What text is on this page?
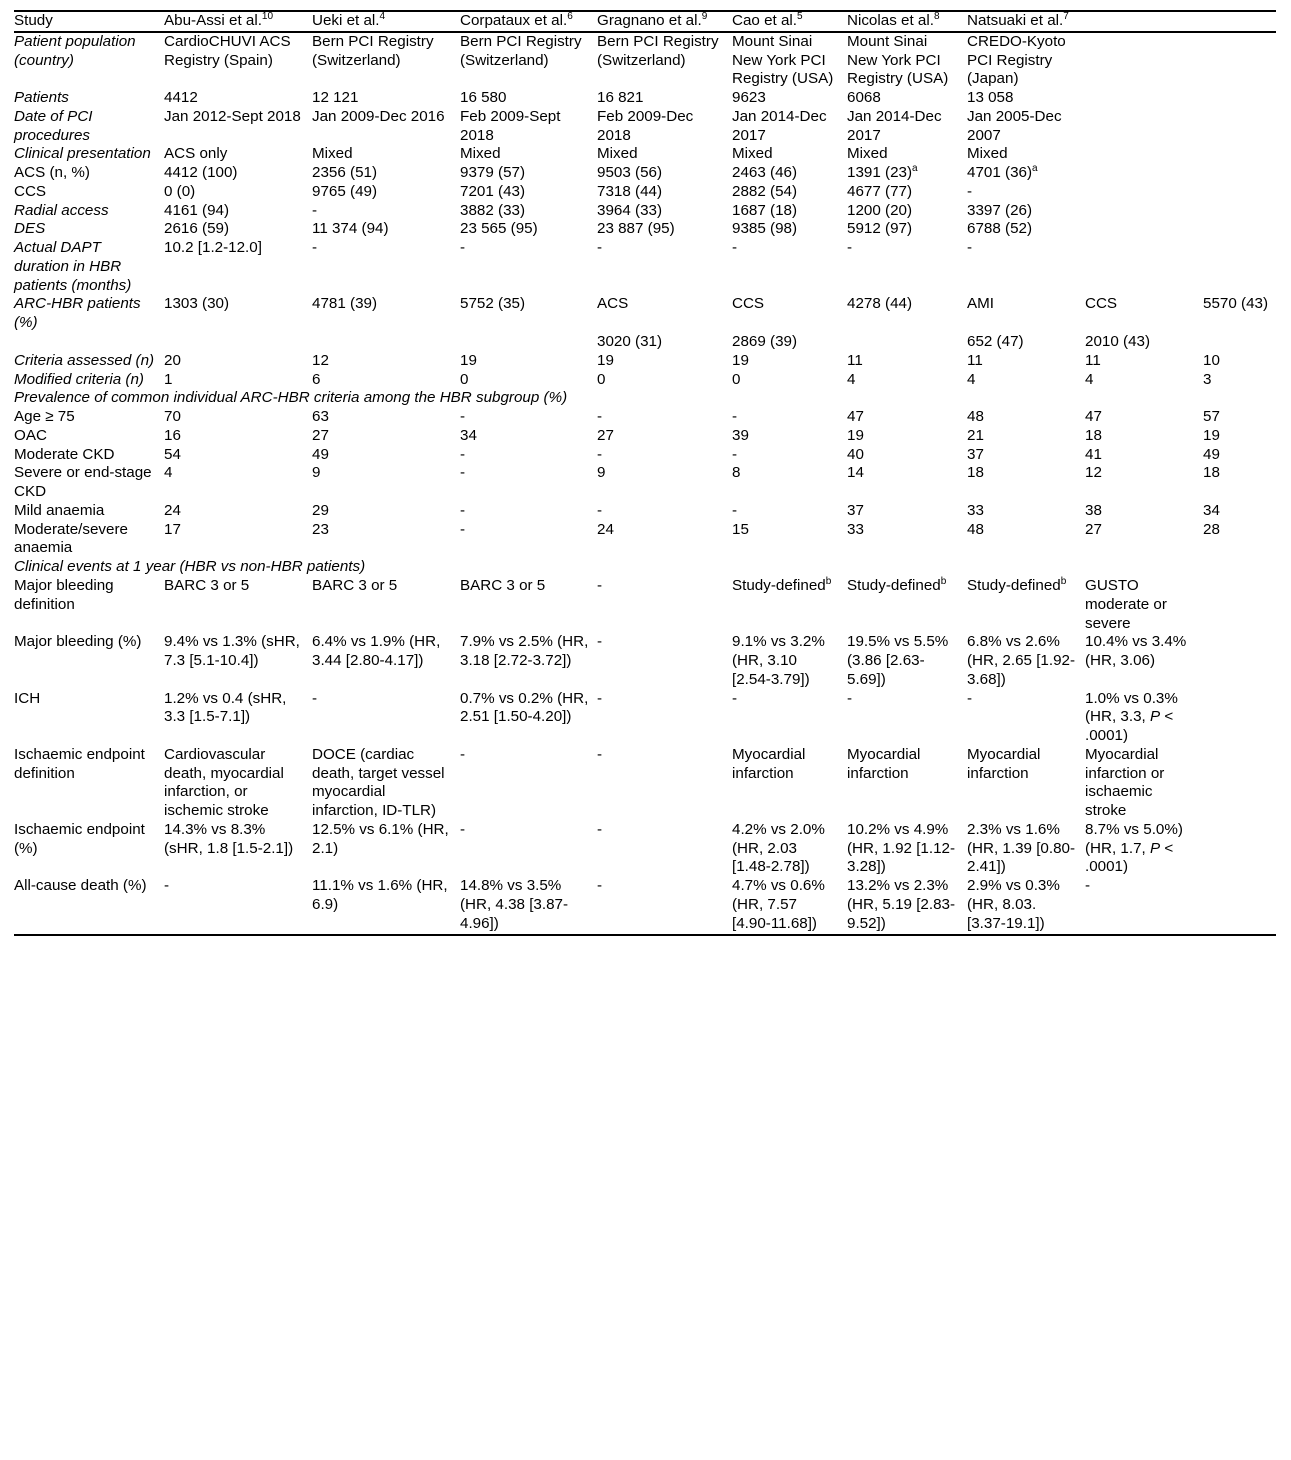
Study	Abu-Assi et al.$^{10}$	Ueki et al.$^4$	Corpataux et al.$^6$	Gragnano et al.$^9$	Cao et al.$^5$	Nicolas et al.$^8$	Natsuaki et al.$^7$		
Patient population (country)	CardioCHUVI ACS Registry (Spain)	Bern PCI Registry (Switzerland)	Bern PCI Registry (Switzerland)	Bern PCI Registry (Switzerland)	Mount Sinai New York PCI Registry (USA)	Mount Sinai New York PCI Registry (USA)	CREDO-Kyoto PCI Registry (Japan)		
Patients	4412	12 121	16 580	16 821	9623	6068	13 058		
Date of PCI procedures	Jan 2012-Sept 2018	Jan 2009-Dec 2016	Feb 2009-Sept 2018	Feb 2009-Dec 2018	Jan 2014-Dec 2017	Jan 2014-Dec 2017	Jan 2005-Dec 2007		
Clinical presentation	ACS only	Mixed	Mixed	Mixed	Mixed	Mixed	Mixed		
ACS (n, %)	4412 (100)	2356 (51)	9379 (57)	9503 (56)	2463 (46)	1391 $(23)^a$	4701 $(36)^a$		
CCS	0 (0)	9765 (49)	7201 (43)	7318 (44)	2882 (54)	4677 (77)	-		
Radial access	4161 (94)	-	3882 (33)	3964 (33)	1687 (18)	1200 (20)	3397 (26)		
DES	2616 (59)	11 374 (94)	23 565 (95)	23 887 (95)	9385 (98)	5912 (97)	6788 (52)		
Actual DAPT duration in HBR patients (months)	10.2 [1.2-12.0]	-	-	-	-	-	-		
ARC-HBR patients (%)	1303 (30)	4781 (39)	5752 (35)	ACS	CCS	4278 (44)	AMI	CCS	5570 (43)
				3020 (31)	2869 (39)		652 (47)	2010 (43)	
Criteria assessed (n)	20	12	19	19	19	11	11	11	10
Modified criteria (n)	1	6	0	0	0	4	4	4	3
Prevalence of common individual ARC-HBR criteria among the HBR subgroup (%)									
Age ≥ 75	70	63	-	-	-	47	48	47	57
OAC	16	27	34	27	39	19	21	18	19
Moderate CKD	54	49	-	-	-	40	37	41	49
Severe or end-stage CKD	4	9	-	9	8	14	18	12	18
Mild anaemia	24	29	-	-	-	37	33	38	34
Moderate/severe anaemia	17	23	-	24	15	33	48	27	28
Clinical events at 1 year (HBR vs non-HBR patients)									
Major bleeding definition	BARC 3 or 5	BARC 3 or 5	BARC 3 or 5	-	Study-defined$^b$	Study-defined$^b$	Study-defined$^b$	GUSTO moderate or severe	
Major bleeding (%)	9.4% vs 1.3% (sHR, 7.3 [5.1-10.4])	6.4% vs 1.9% (HR, 3.44 [2.80-4.17])	7.9% vs 2.5% (HR, 3.18 [2.72-3.72])	-	9.1% vs 3.2% (HR, 3.10 [2.54-3.79])	19.5% vs 5.5% (3.86 [2.63-5.69])	6.8% vs 2.6% (HR, 2.65 [1.92-3.68])	10.4% vs 3.4% (HR, 3.06)	
ICH	1.2% vs 0.4 (sHR, 3.3 [1.5-7.1])	-	0.7% vs 0.2% (HR, 2.51 [1.50-4.20])	-	-	-	-	1.0% vs 0.3% (HR, 3.3, P < .0001)	
Ischaemic endpoint definition	Cardiovascular death, myocardial infarction, or ischemic stroke	DOCE (cardiac death, target vessel myocardial infarction, ID-TLR)	-	-	Myocardial infarction	Myocardial infarction	Myocardial infarction	Myocardial infarction or ischaemic stroke	
Ischaemic endpoint (%)	14.3% vs 8.3% (sHR, 1.8 [1.5-2.1])	12.5% vs 6.1% (HR, 2.1)	-	-	4.2% vs 2.0% (HR, 2.03 [1.48-2.78])	10.2% vs 4.9% (HR, 1.92 [1.12-3.28])	2.3% vs 1.6% (HR, 1.39 [0.80-2.41])	8.7% vs 5.0%) (HR, 1.7, P < .0001)	
All-cause death (%)	-	11.1% vs 1.6% (HR, 6.9)	14.8% vs 3.5% (HR, 4.38 [3.87-4.96])	-	4.7% vs 0.6% (HR, 7.57 [4.90-11.68])	13.2% vs 2.3% (HR, 5.19 [2.83-9.52])	2.9% vs 0.3% (HR, 8.03. [3.37-19.1])	-	
